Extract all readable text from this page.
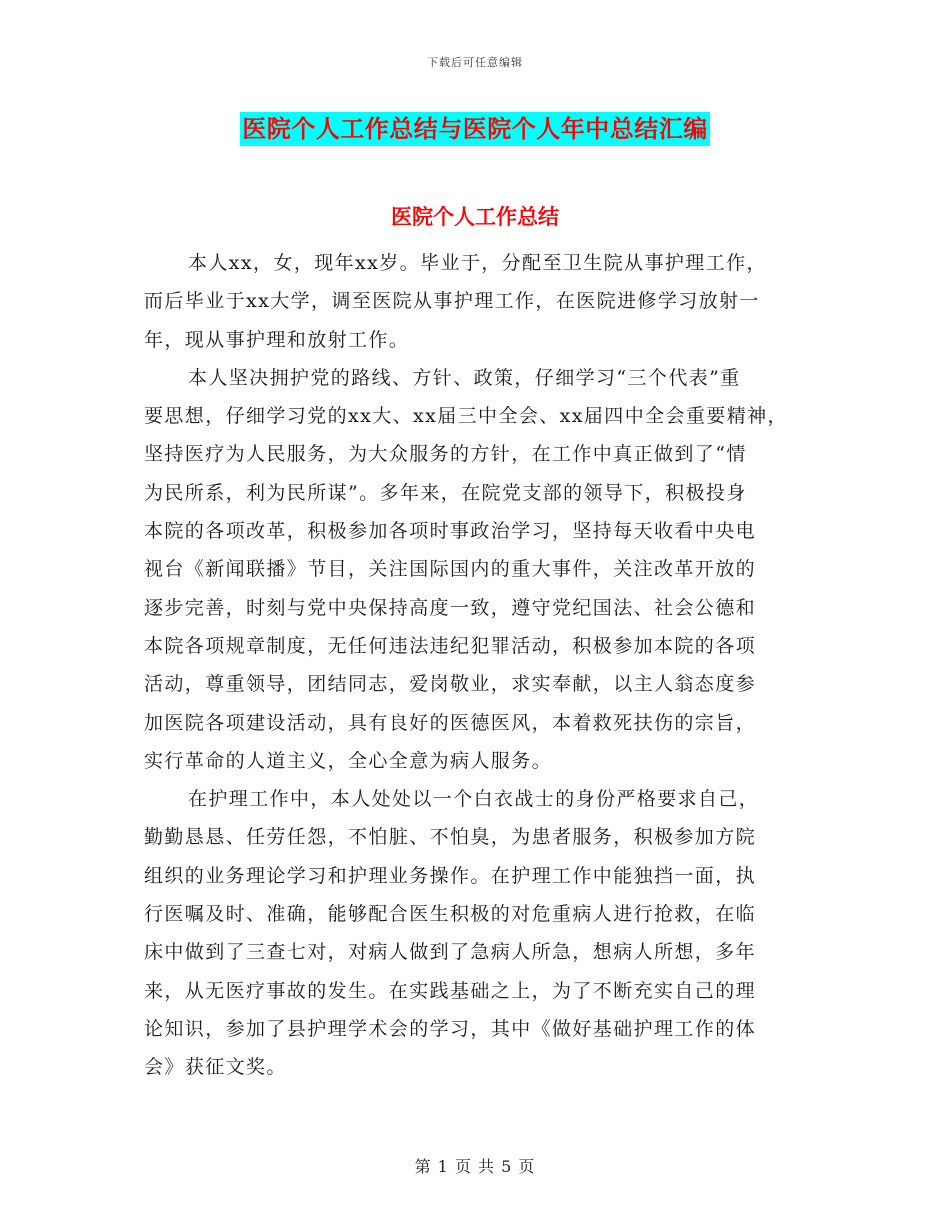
下载后可任意编辑
医院个人工作总结与医院个人年中总结汇编
医院个人工作总结
本人xx，女，现年xx岁。毕业于，分配至卫生院从事护理工作，
而后毕业于xx大学，调至医院从事护理工作，在医院进修学习放射一
年，现从事护理和放射工作。
本人坚决拥护党的路线、方针、政策，仔细学习“三个代表”重
要思想，仔细学习党的xx大、xx届三中全会、xx届四中全会重要精神，
坚持医疗为人民服务，为大众服务的方针，在工作中真正做到了“情
为民所系，利为民所谋”。多年来，在院党支部的领导下，积极投身
本院的各项改革，积极参加各项时事政治学习，坚持每天收看中央电
视台《新闻联播》节目，关注国际国内的重大事件，关注改革开放的
逐步完善，时刻与党中央保持高度一致，遵守党纪国法、社会公德和
本院各项规章制度，无任何违法违纪犯罪活动，积极参加本院的各项
活动，尊重领导，团结同志，爱岗敬业，求实奉献，以主人翁态度参
加医院各项建设活动，具有良好的医德医风，本着救死扶伤的宗旨，
实行革命的人道主义，全心全意为病人服务。
在护理工作中，本人处处以一个白衣战士的身份严格要求自己，
勤勤恳恳、任劳任怨，不怕脏、不怕臭，为患者服务，积极参加方院
组织的业务理论学习和护理业务操作。在护理工作中能独挡一面，执
行医嘱及时、准确，能够配合医生积极的对危重病人进行抢救，在临
床中做到了三查七对，对病人做到了急病人所急，想病人所想，多年
来，从无医疗事故的发生。在实践基础之上，为了不断充实自己的理
论知识，参加了县护理学术会的学习，其中《做好基础护理工作的体
会》获征文奖。
第 1 页 共 5 页
